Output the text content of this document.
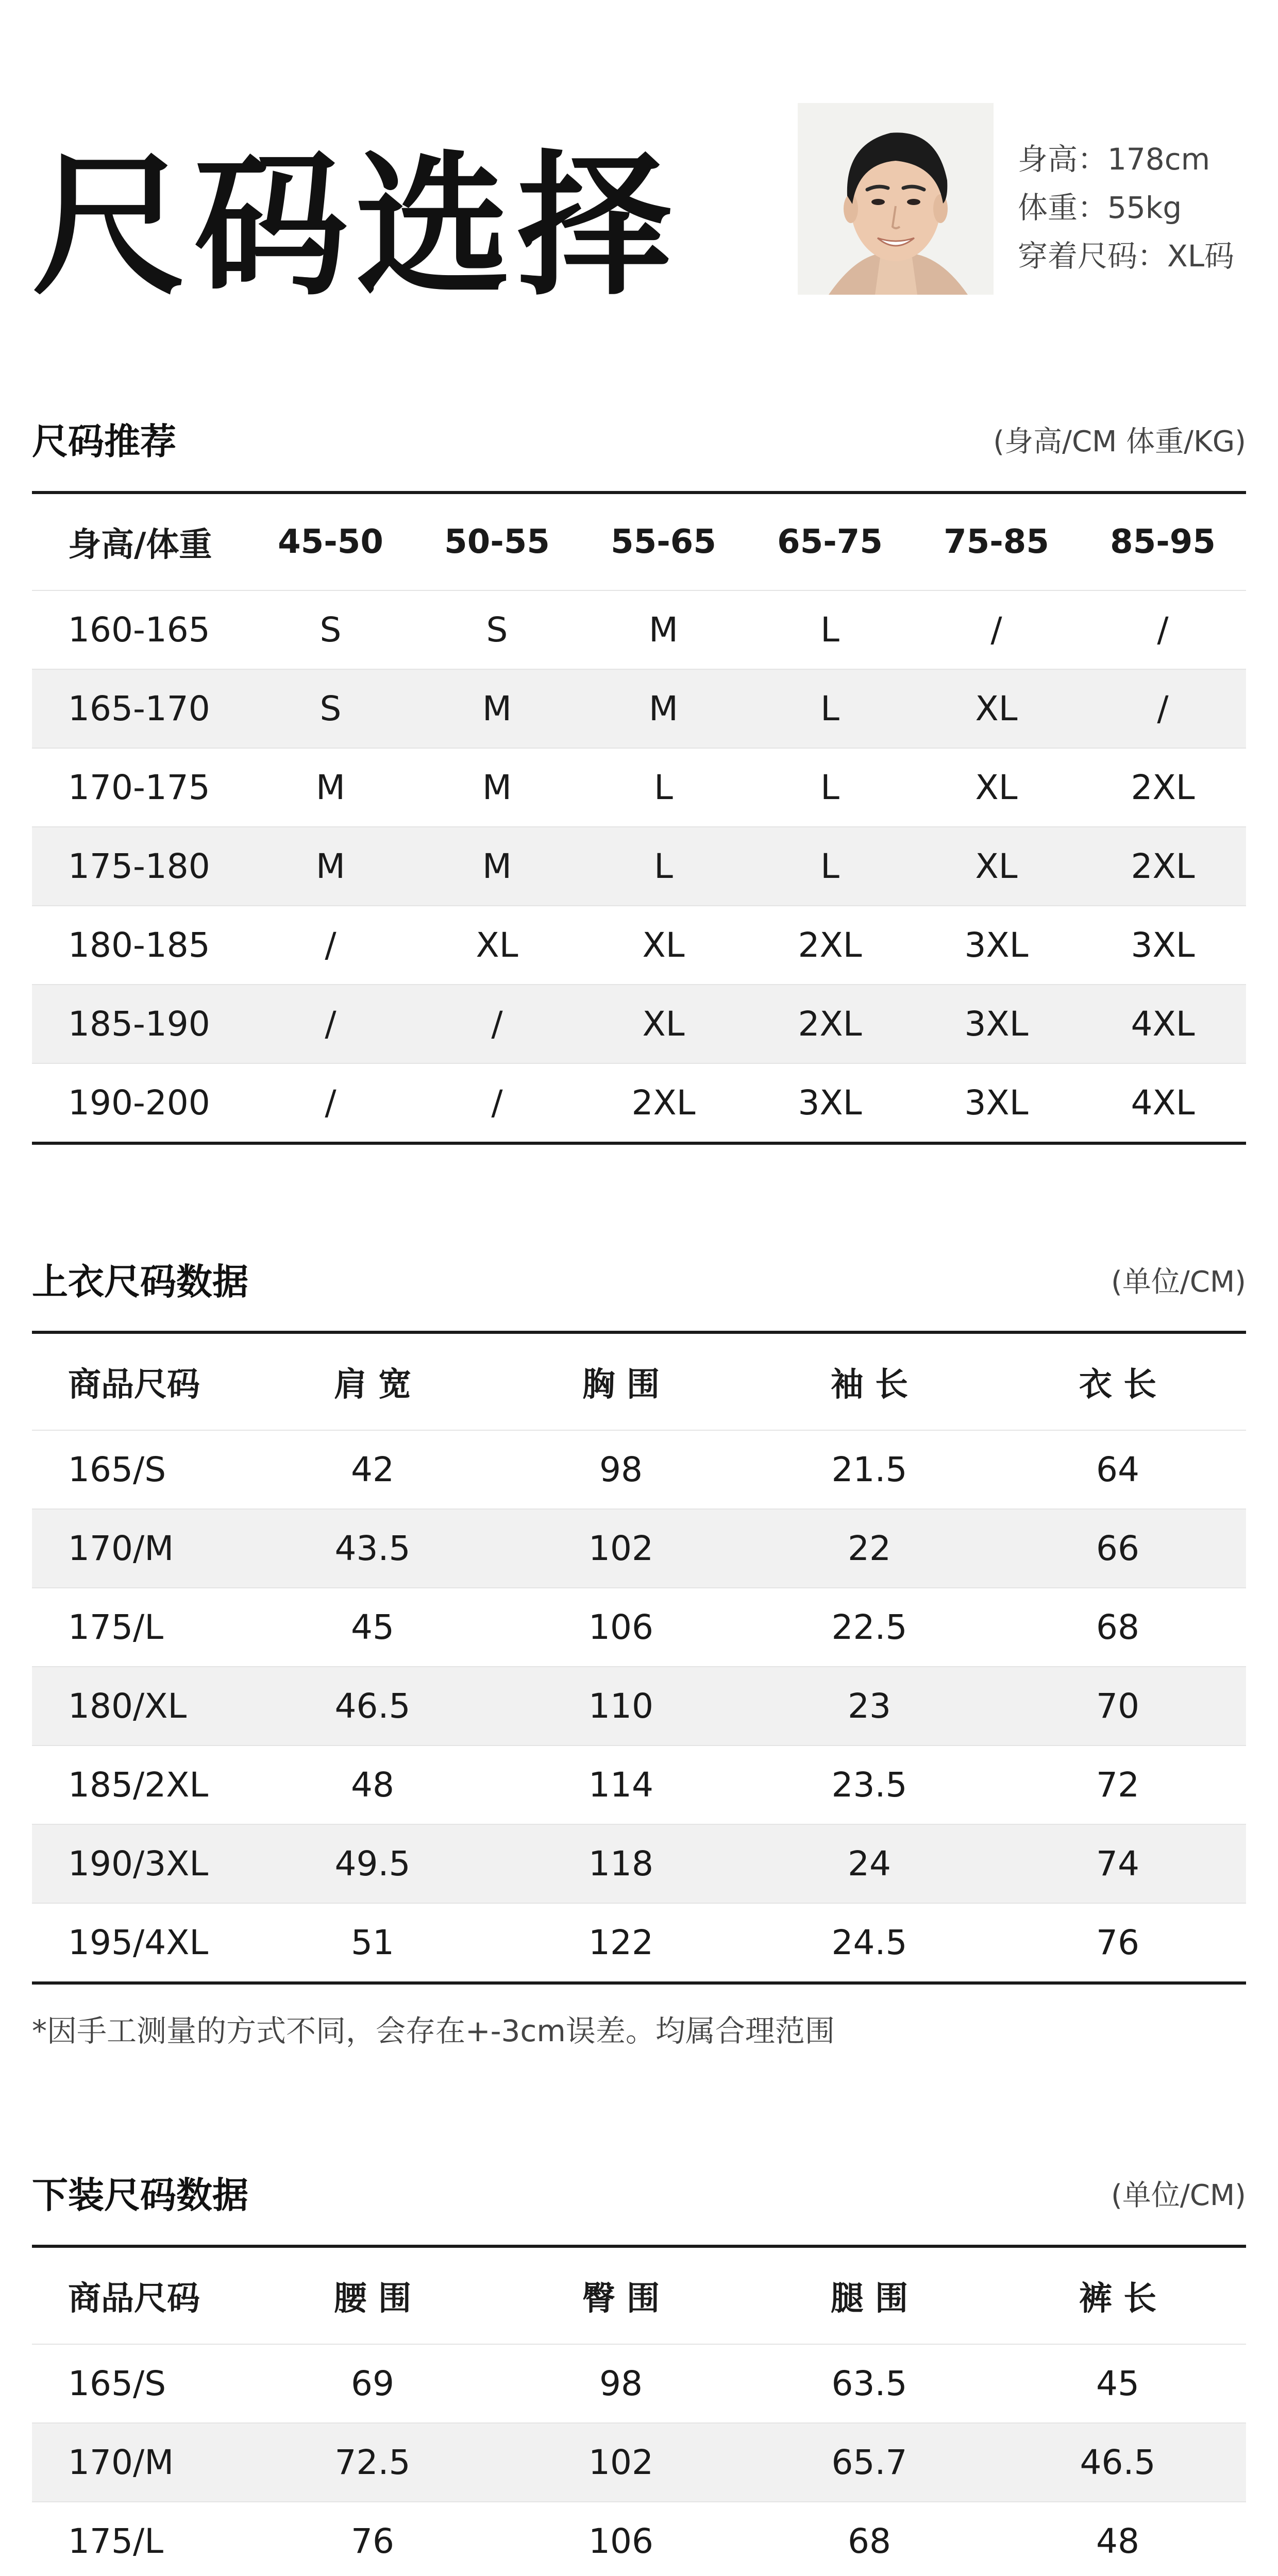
尺码选择	身高：178cm
体重：55kg
穿着尺码：XL码
尺码推荐	(身高/CM 体重/KG)
身高/体重	45-50	50-55	55-65	65-75	75-85	85-95
160-165	S	S	M	L	/	/
165-170	S	M	M	L	XL	/
170-175	M	M	L	L	XL	2XL
175-180	M	M	L	L	XL	2XL
180-185	/	XL	XL	2XL	3XL	3XL
185-190	/	/	XL	2XL	3XL	4XL
190-200	/	/	2XL	3XL	3XL	4XL
上衣尺码数据	(单位/CM)
商品尺码	肩 宽	胸 围	袖 长	衣 长
165/S	42	98	21.5	64
170/M	43.5	102	22	66
175/L	45	106	22.5	68
180/XL	46.5	110	23	70
185/2XL	48	114	23.5	72
190/3XL	49.5	118	24	74
195/4XL	51	122	24.5	76
*因手工测量的方式不同，会存在+-3cm误差。均属合理范围
下装尺码数据	(单位/CM)
商品尺码	腰 围	臀 围	腿 围	裤 长
165/S	69	98	63.5	45
170/M	72.5	102	65.7	46.5
175/L	76	106	68	48
